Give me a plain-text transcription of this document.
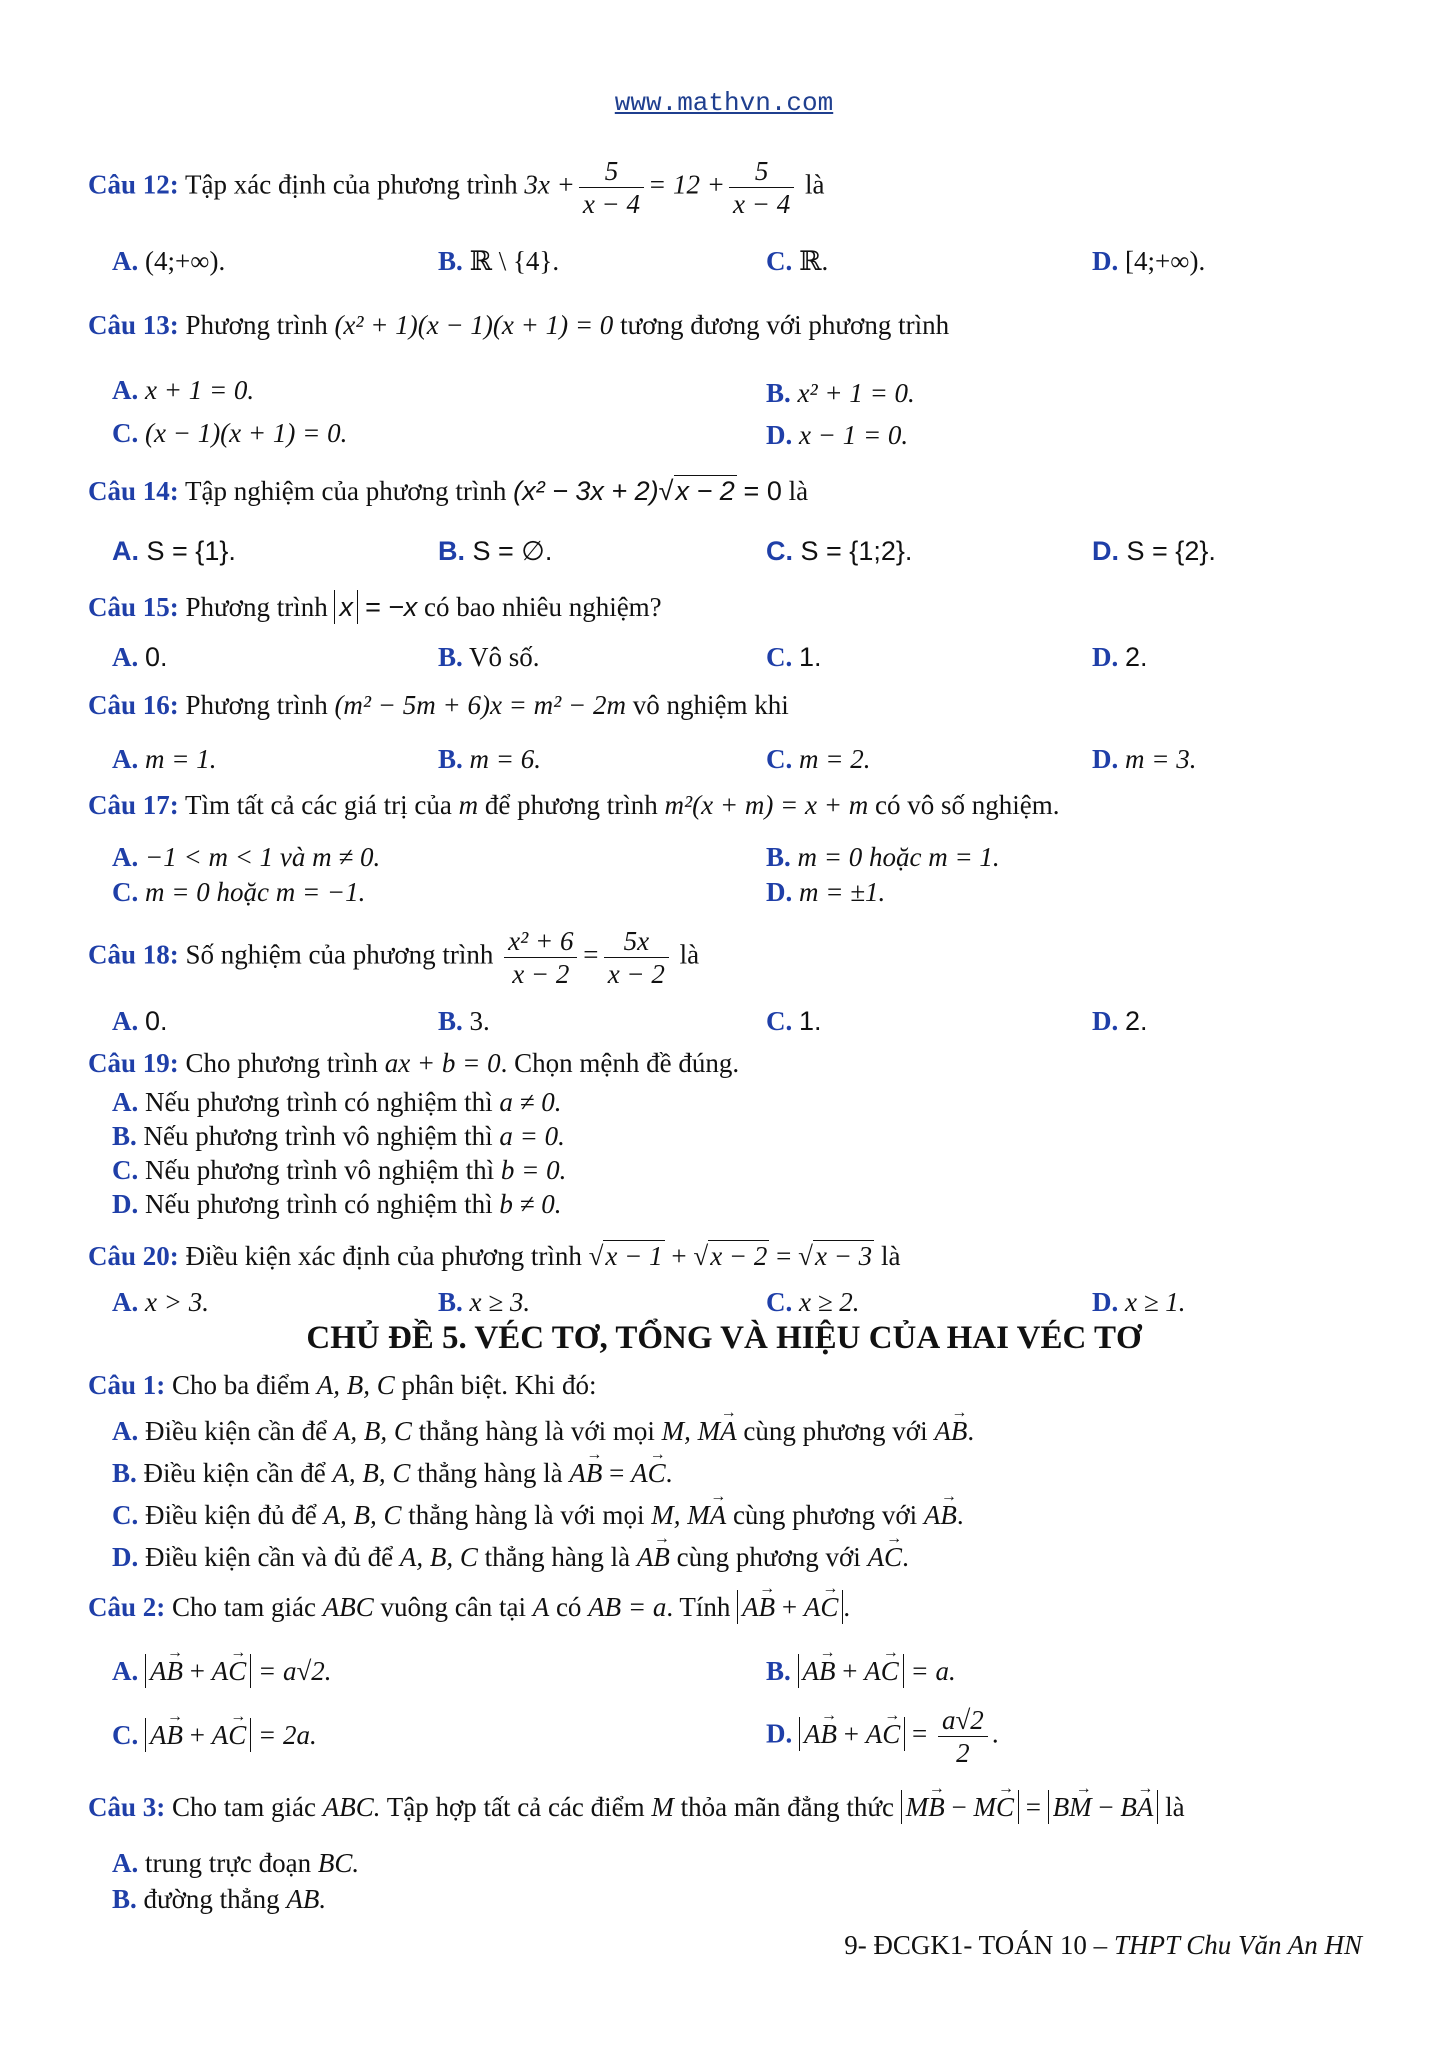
www.mathvn.com
Câu 12: Tập xác định của phương trình $3x + \frac{5}{x - 4} = 12 + \frac{5}{x - 4}$ là
A. (4;+∞).	B. ℝ \ {4}.	C. ℝ.	D. [4;+∞).
Câu 13: Phương trình (x² + 1)(x − 1)(x + 1) = 0 tương đương với phương trình
A. x + 1 = 0.	B. x² + 1 = 0.
C. (x − 1)(x + 1) = 0.	D. x − 1 = 0.
Câu 14: Tập nghiệm của phương trình (x² − 3x + 2)√x − 2 = 0 là
A. S = {1}.	B. S = ∅.	C. S = {1;2}.	D. S = {2}.
Câu 15: Phương trình x = −x có bao nhiêu nghiệm?
A. 0.	B. Vô số.	C. 1.	D. 2.
Câu 16: Phương trình (m² − 5m + 6)x = m² − 2m vô nghiệm khi
A. m = 1.	B. m = 6.	C. m = 2.	D. m = 3.
Câu 17: Tìm tất cả các giá trị của m để phương trình m²(x + m) = x + m có vô số nghiệm.
A. −1 < m < 1 và m ≠ 0.	B. m = 0 hoặc m = 1.
C. m = 0 hoặc m = −1.	D. m = ±1.
Câu 18: Số nghiệm của phương trình $\frac{\text{x² + 6}}{x - 2} = \frac{5x}{x - 2}$ là
A. 0.	B. 3.	C. 1.	D. 2.
Câu 19: Cho phương trình ax + b = 0. Chọn mệnh đề đúng.
A. Nếu phương trình có nghiệm thì a ≠ 0.
B. Nếu phương trình vô nghiệm thì a = 0.
C. Nếu phương trình vô nghiệm thì b = 0.
D. Nếu phương trình có nghiệm thì b ≠ 0.
Câu 20: Điều kiện xác định của phương trình √x − 1 + √x − 2 = √x − 3 là
A. x > 3.	B. x ≥ 3.	C. x ≥ 2.	D. x ≥ 1.
CHỦ ĐỀ 5. VÉC TƠ, TỔNG VÀ HIỆU CỦA HAI VÉC TƠ
Câu 1: Cho ba điểm A, B, C phân biệt. Khi đó:
A. Điều kiện cần để A, B, C thẳng hàng là với mọi M, → MA cùng phương với → AB.
B. Điều kiện cần để A, B, C thẳng hàng là → AB = → AC.
C. Điều kiện đủ để A, B, C thẳng hàng là với mọi M, → MA cùng phương với → AB.
D. Điều kiện cần và đủ để A, B, C thẳng hàng là → AB cùng phương với → AC.
Câu 2: Cho tam giác ABC vuông cân tại A có AB = a. Tính → AB + → AC .
A. → AB + → AC = a√2.	B. → AB + → AC = a.
C. → AB + → AC = 2a.	D. → AB + → AC = $\frac{a√2}{2}$ .
Câu 3: Cho tam giác ABC. Tập hợp tất cả các điểm M thỏa mãn đẳng thức → MB − → MC = → BM − → BA là
A. trung trực đoạn BC.
B. đường thẳng AB.
9- ĐCGK1- TOÁN 10 – THPT Chu Văn An HN
